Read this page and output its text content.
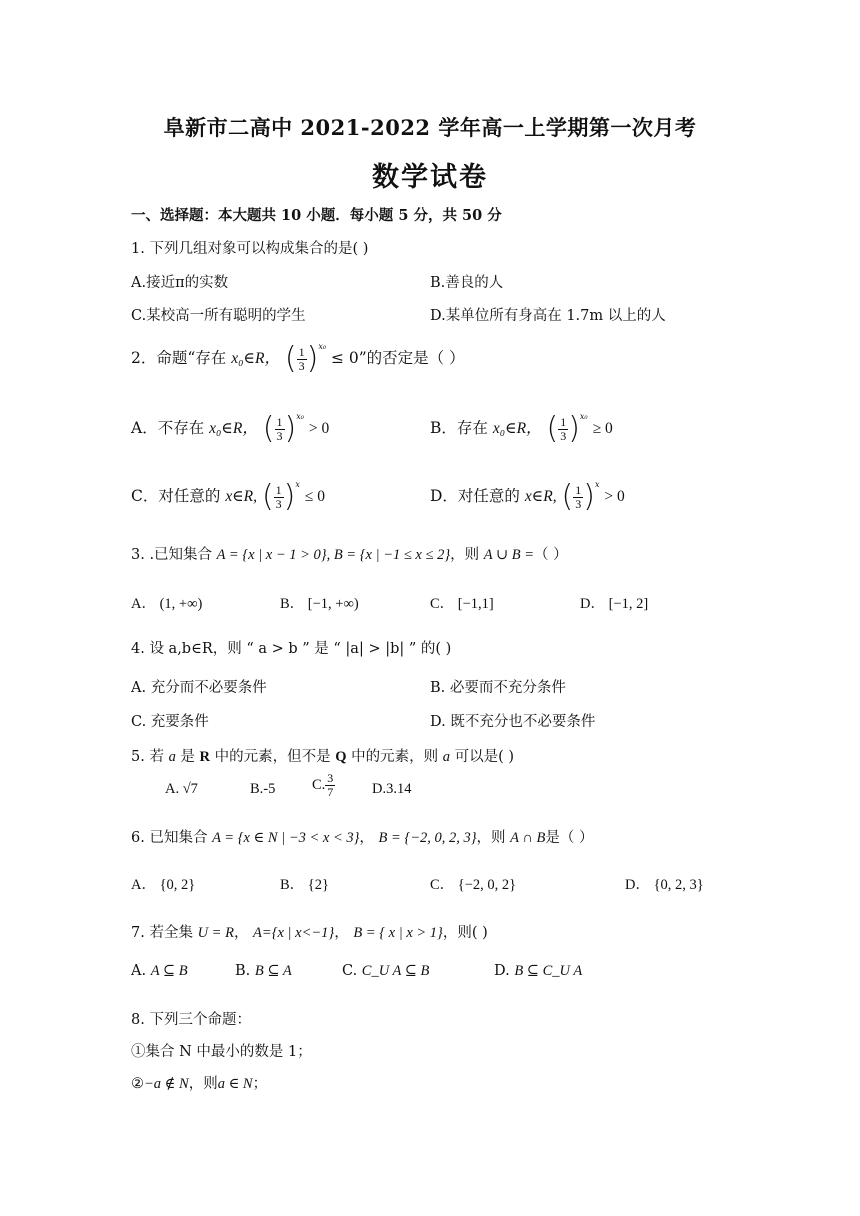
阜新市二高中 2021-2022 学年高一上学期第一次月考
数学试卷
一、选择题：本大题共 10 小题．每小题 5 分，共 50 分
1. 下列几组对象可以构成集合的是( )
A.接近π的实数	B.善良的人
C.某校高一所有聪明的学生	D.某单位所有身高在 1.7m 以上的人
2．命题“存在 x₀∈R， ( $\frac{1}{3} )^{x_0} \le 0$”的否定是（ ）
A．不存在 x₀∈R， ( $\frac{1}{3} )^{x_0} > 0$	B．存在 x₀∈R， ( $\frac{1}{3} )^{x_0} \ge 0$
C．对任意的 x∈R, ( $\frac{1}{3} )^x \le 0$	D．对任意的 x∈R, ( $\frac{1}{3} )^x > 0$
3. .已知集合 A = {x | x − 1 > 0}, B = {x | −1 ≤ x ≤ 2}，则 A ∪ B =（ ）
A． (1, +∞)	B． [−1, +∞)	C． [−1,1]	D． [−1, 2]
4. 设 a,b∈R，则 “ a > b ” 是 “ |a| > |b| ” 的( )
A. 充分而不必要条件	B. 必要而不充分条件
C. 充要条件	D. 既不充分也不必要条件
5. 若 a 是 R 中的元素，但不是 Q 中的元素，则 a 可以是( )
A. √7	B.-5	C. $\frac{3}{7}$	D.3.14
6. 已知集合 A = {x ∈ N | −3 < x < 3}， B = {−2, 0, 2, 3}，则 A ∩ B是（ ）
A． {0, 2}	B． {2}	C． {−2, 0, 2}	D． {0, 2, 3}
7. 若全集 U = R， A={x | x<−1}， B = { x | x > 1}，则( )
A. A ⊆ B	B. B ⊆ A	C. C_U A ⊆ B	D. B ⊆ C_U A
8. 下列三个命题：
①集合 N 中最小的数是 1；
②−a ∉ N，则a ∈ N；
